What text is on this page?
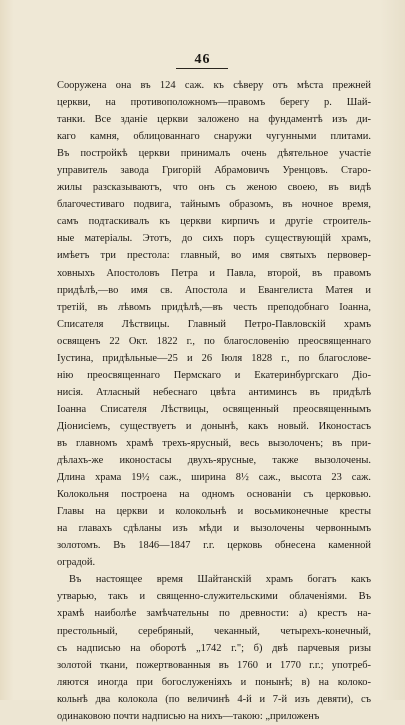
46
Сооружена она въ 124 саж. къ сѣверу отъ мѣста прежней
церкви, на противоположномъ—правомъ берегу р. Шай-
танки. Все зданіе церкви заложено на фундаментѣ изъ ди-
каго камня, облицованнаго снаружи чугунными плитами.
Въ постройкѣ церкви принималъ очень дѣятельное участіе
управитель завода Григорій Абрамовичъ Уренцовъ. Старо-
жилы разсказываютъ, что онъ съ женою своею, въ видѣ
благочестиваго подвига, тайнымъ образомъ, въ ночное время,
самъ подтаскивалъ къ церкви кирпичъ и другіе строитель-
ные матеріалы. Этотъ, до сихъ поръ существующій храмъ,
имѣетъ три престола: главный, во имя святыхъ первовер-
ховныхъ Апостоловъ Петра и Павла, второй, въ правомъ
придѣлѣ,—во имя св. Апостола и Евангелиста Матея и
третій, въ лѣвомъ придѣлѣ,—въ честь преподобнаго Іоанна,
Списателя Лѣствицы. Главный Петро-Павловскій храмъ
освященъ 22 Окт. 1822 г., по благословенію преосвященнаго
Іустина, придѣльные—25 и 26 Іюля 1828 г., по благослове-
нію преосвященнаго Пермскаго и Екатеринбургскаго Діо-
нисія. Атласный небеснаго цвѣта антиминсъ въ придѣлѣ
Іоанна Списателя Лѣствицы, освященный преосвященнымъ
Діонисіемъ, существуетъ и донынѣ, какъ новый. Иконостасъ
въ главномъ храмѣ трехъ-ярусный, весь вызолоченъ; въ при-
дѣлахъ-же иконостасы двухъ-ярусные, также вызолочены.
Длина храма 19½ саж., ширина 8½ саж., высота 23 саж.
Колокольня построена на одномъ основаніи съ церковью.
Главы на церкви и колокольнѣ и восьмиконечные кресты
на главахъ сдѣланы изъ мѣди и вызолочены червоннымъ
золотомъ. Въ 1846—1847 г.г. церковь обнесена каменной
оградой.
Въ настоящее время Шайтанскій храмъ богатъ какъ
утварью, такъ и священно-служительскими облаченіями. Въ
храмѣ наиболѣе замѣчательны по древности: а) крестъ на-
престольный, серебряный, чеканный, четырехъ-конечный,
съ надписью на оборотѣ „1742 г."; б) двѣ парчевыя ризы
золотой ткани, пожертвованныя въ 1760 и 1770 г.г.; употреб-
ляются иногда при богослуженіяхъ и понынѣ; в) на колоко-
кольнѣ два колокола (по величинѣ 4-й и 7-й изъ девяти), съ
одинаковою почти надписью на нихъ—такою: „приложенъ
